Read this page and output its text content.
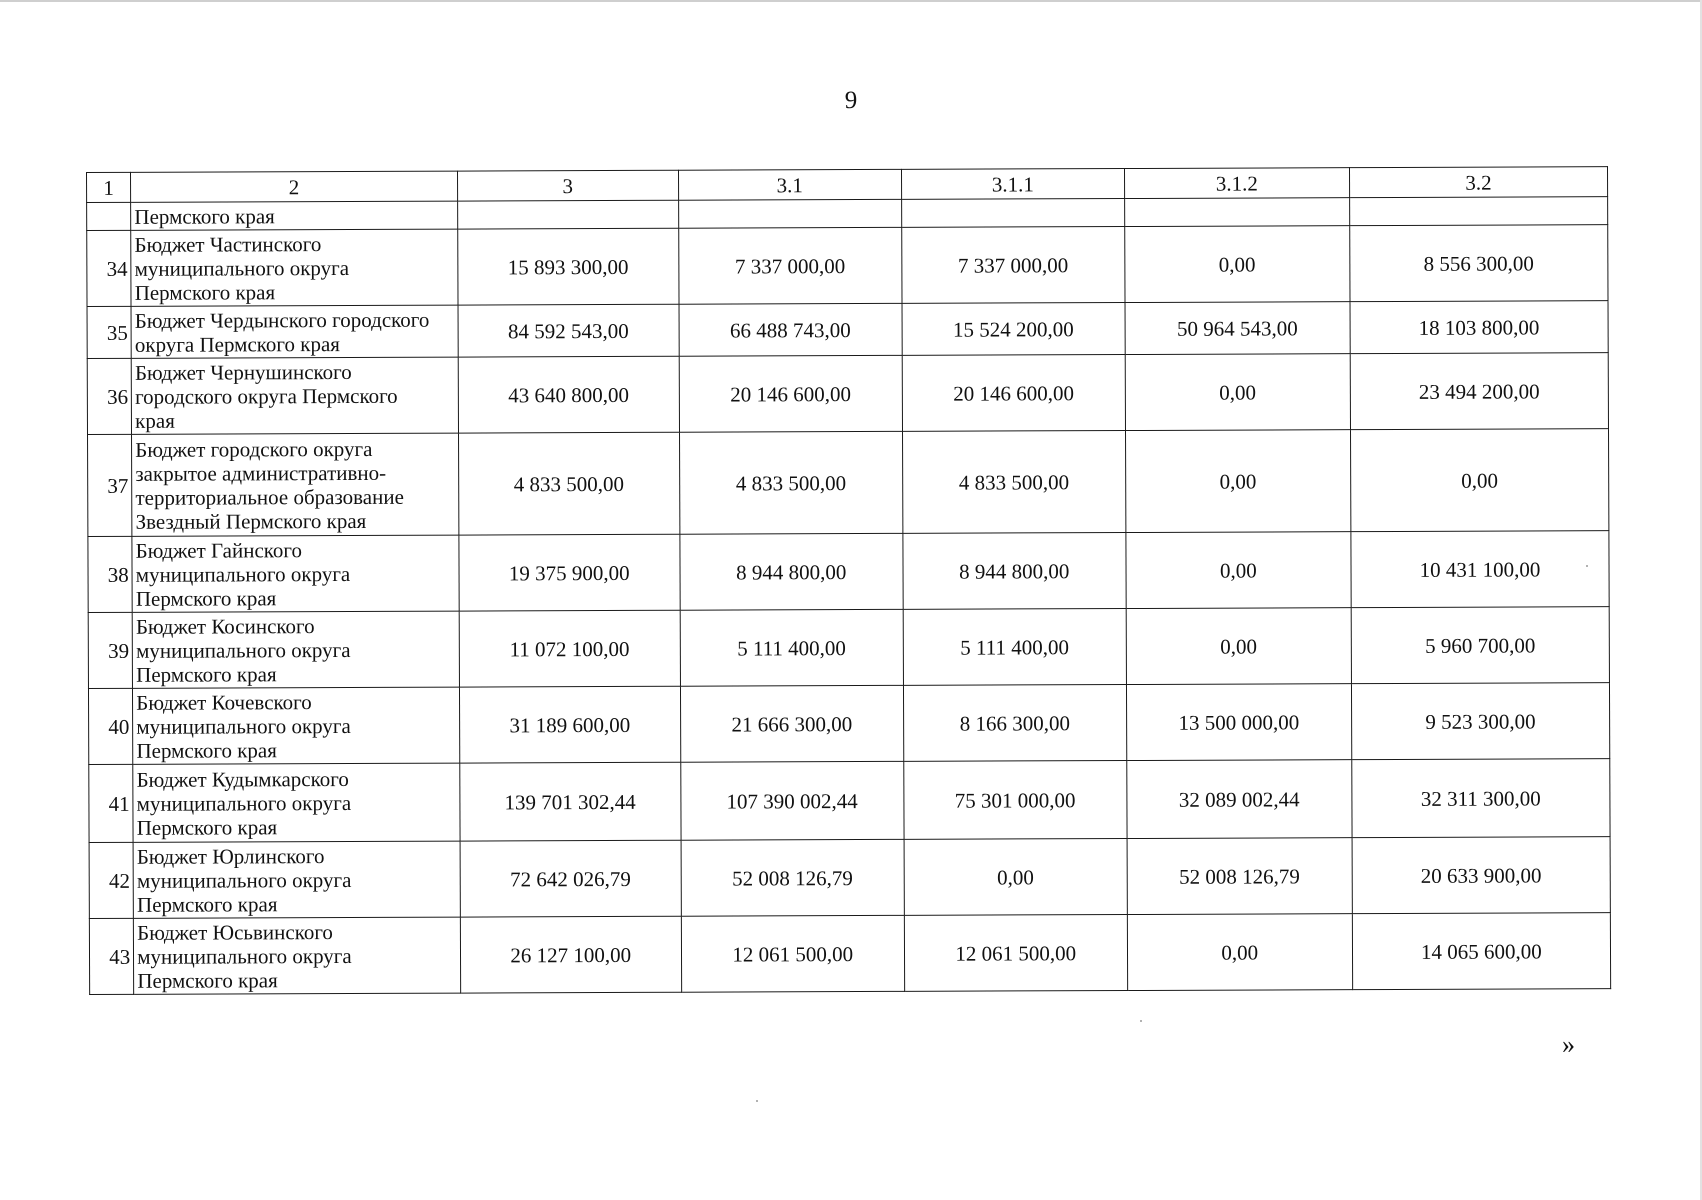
9
1	2	3	3.1	3.1.1	3.1.2	3.2
	Пермского края					
34	Бюджет Частинского
муниципального округа
Пермского края	15 893 300,00	7 337 000,00	7 337 000,00	0,00	8 556 300,00
35	Бюджет Чердынского городского
округа Пермского края	84 592 543,00	66 488 743,00	15 524 200,00	50 964 543,00	18 103 800,00
36	Бюджет Чернушинского
городского округа Пермского
края	43 640 800,00	20 146 600,00	20 146 600,00	0,00	23 494 200,00
37	Бюджет городского округа
закрытое административно-
территориальное образование
Звездный Пермского края	4 833 500,00	4 833 500,00	4 833 500,00	0,00	0,00
38	Бюджет Гайнского
муниципального округа
Пермского края	19 375 900,00	8 944 800,00	8 944 800,00	0,00	10 431 100,00
39	Бюджет Косинского
муниципального округа
Пермского края	11 072 100,00	5 111 400,00	5 111 400,00	0,00	5 960 700,00
40	Бюджет Кочевского
муниципального округа
Пермского края	31 189 600,00	21 666 300,00	8 166 300,00	13 500 000,00	9 523 300,00
41	Бюджет Кудымкарского
муниципального округа
Пермского края	139 701 302,44	107 390 002,44	75 301 000,00	32 089 002,44	32 311 300,00
42	Бюджет Юрлинского
муниципального округа
Пермского края	72 642 026,79	52 008 126,79	0,00	52 008 126,79	20 633 900,00
43	Бюджет Юсьвинского
муниципального округа
Пермского края	26 127 100,00	12 061 500,00	12 061 500,00	0,00	14 065 600,00
»
